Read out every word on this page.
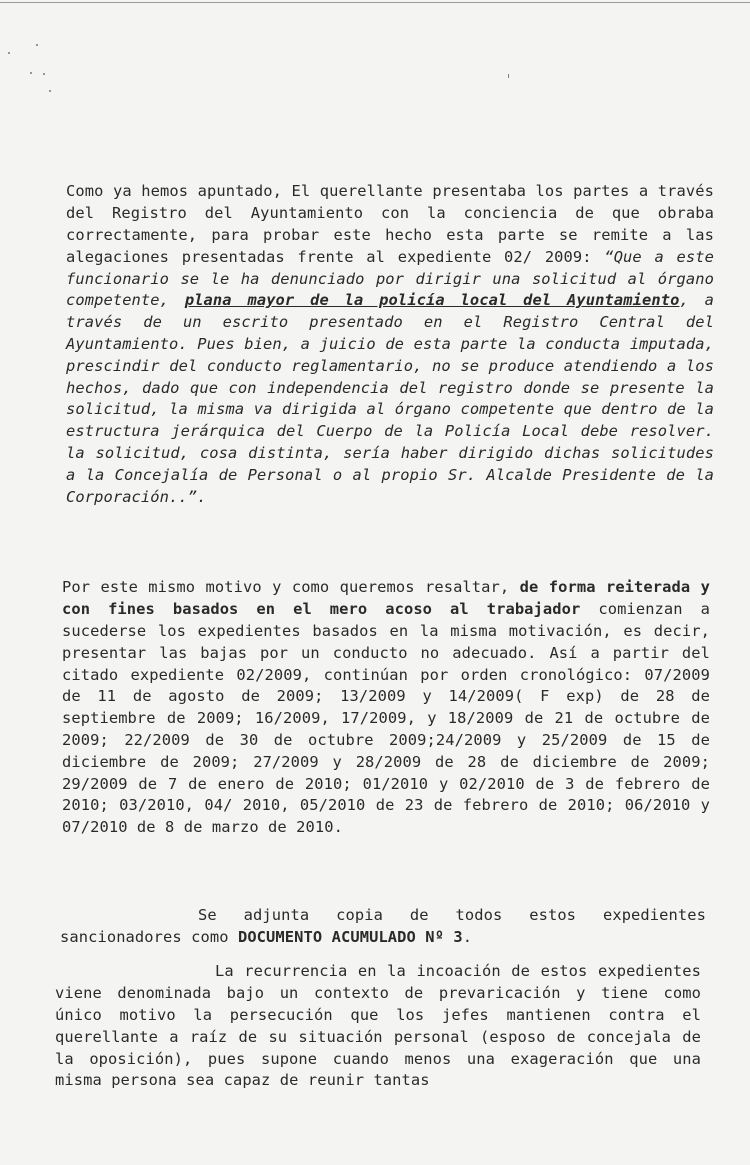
Como ya hemos apuntado, El querellante presentaba los partes a través del Registro del Ayuntamiento con la conciencia de que obraba correctamente, para probar este hecho esta parte se remite a las alegaciones presentadas frente al expediente 02/ 2009: “Que a este funcionario se le ha denunciado por dirigir una solicitud al órgano competente, plana mayor de la policía local del Ayuntamiento, a través de un escrito presentado en el Registro Central del Ayuntamiento. Pues bien, a juicio de esta parte la conducta imputada, prescindir del conducto reglamentario, no se produce atendiendo a los hechos, dado que con independencia del registro donde se presente la solicitud, la misma va dirigida al órgano competente que dentro de la estructura jerárquica del Cuerpo de la Policía Local debe resolver. la solicitud, cosa distinta, sería haber dirigido dichas solicitudes a la Concejalía de Personal o al propio Sr. Alcalde Presidente de la Corporación..”.

Por este mismo motivo y como queremos resaltar, de forma reiterada y con fines basados en el mero acoso al trabajador comienzan a sucederse los expedientes basados en la misma motivación, es decir, presentar las bajas por un conducto no adecuado. Así a partir del citado expediente 02/2009, continúan por orden cronológico: 07/2009 de 11 de agosto de 2009; 13/2009 y 14/2009( F exp) de 28 de septiembre de 2009; 16/2009, 17/2009, y 18/2009 de 21 de octubre de 2009; 22/2009 de 30 de octubre 2009;24/2009 y 25/2009 de 15 de diciembre de 2009; 27/2009 y 28/2009 de 28 de diciembre de 2009; 29/2009 de 7 de enero de 2010; 01/2010 y 02/2010 de 3 de febrero de 2010; 03/2010, 04/ 2010, 05/2010 de 23 de febrero de 2010; 06/2010 y 07/2010 de 8 de marzo de 2010.

Se adjunta copia de todos estos expedientes sancionadores como DOCUMENTO ACUMULADO Nº 3.

La recurrencia en la incoación de estos expedientes viene denominada bajo un contexto de prevaricación y tiene como único motivo la persecución que los jefes mantienen contra el querellante a raíz de su situación personal (esposo de concejala de la oposición), pues supone cuando menos una exageración que una misma persona sea capaz de reunir tantas
